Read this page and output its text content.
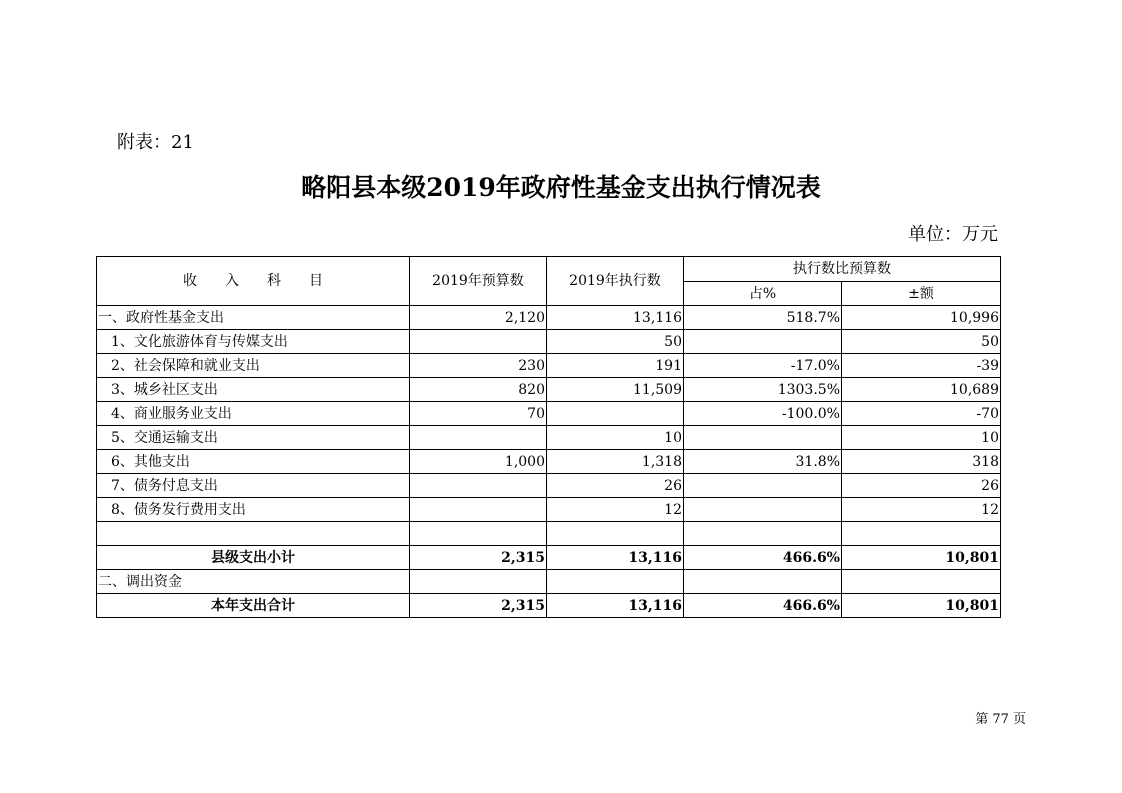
附表：21
略阳县本级2019年政府性基金支出执行情况表
单位：万元
收　　入　　科　　目	2019年预算数	2019年执行数	执行数比预算数	
			占%	±额
一、政府性基金支出	2,120	13,116	518.7%	10,996
1、文化旅游体育与传媒支出		50		50
2、社会保障和就业支出	230	191	-17.0%	-39
3、城乡社区支出	820	11,509	1303.5%	10,689
4、商业服务业支出	70		-100.0%	-70
5、交通运输支出		10		10
6、其他支出	1,000	1,318	31.8%	318
7、债务付息支出		26		26
8、债务发行费用支出		12		12

县级支出小计	2,315	13,116	466.6%	10,801
二、调出资金				
本年支出合计	2,315	13,116	466.6%	10,801
第 77 页
